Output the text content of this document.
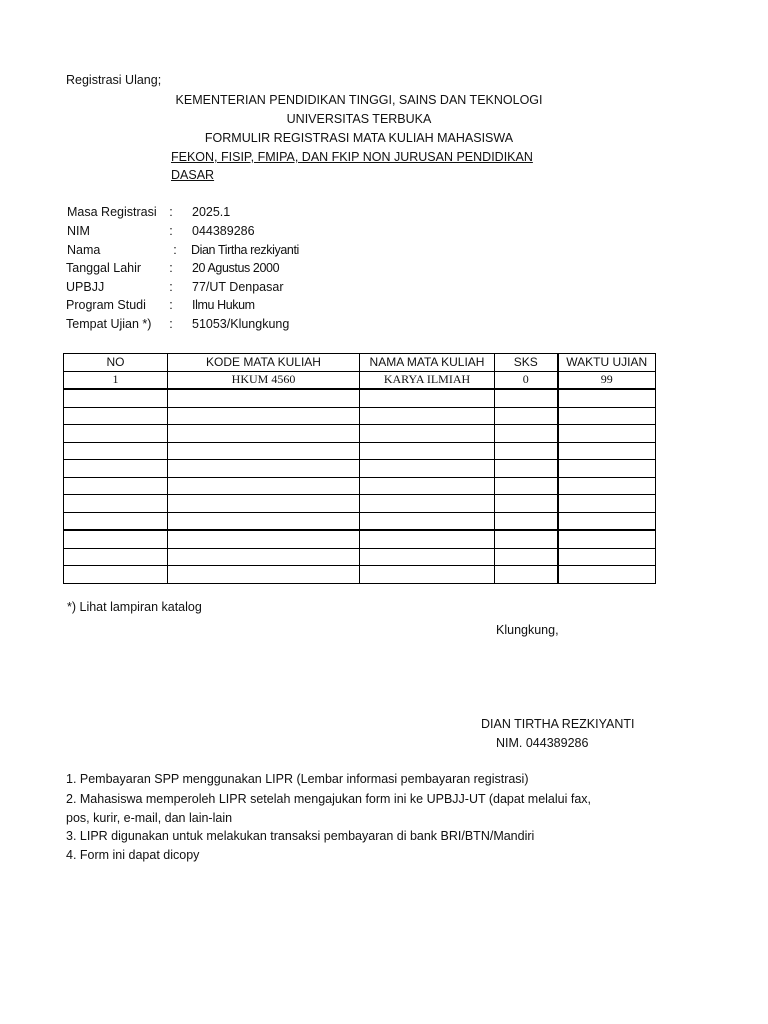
Registrasi Ulang;
KEMENTERIAN PENDIDIKAN TINGGI, SAINS DAN TEKNOLOGI
UNIVERSITAS TERBUKA
FORMULIR REGISTRASI MATA KULIAH MAHASISWA
FEKON, FISIP, FMIPA, DAN FKIP NON JURUSAN PENDIDIKAN
DASAR
Masa Registrasi	:	2025.1
NIM	:	044389286
Nama	:	Dian Tirtha rezkiyanti
Tanggal Lahir	:	20 Agustus 2000
UPBJJ	:	77/UT Denpasar
Program Studi	:	Ilmu Hukum
Tempat Ujian *)	:	51053/Klungkung
NO	KODE MATA KULIAH	NAMA MATA KULIAH	SKS	WAKTU UJIAN
1	HKUM 4560	KARYA ILMIAH	0	99

*) Lihat lampiran katalog
Klungkung,
DIAN TIRTHA REZKIYANTI
NIM. 044389286
1. Pembayaran SPP menggunakan LIPR (Lembar informasi pembayaran registrasi)
2. Mahasiswa memperoleh LIPR setelah mengajukan form ini ke UPBJJ-UT (dapat melalui fax,
pos, kurir, e-mail, dan lain-lain
3. LIPR digunakan untuk melakukan transaksi pembayaran di bank BRI/BTN/Mandiri
4. Form ini dapat dicopy
